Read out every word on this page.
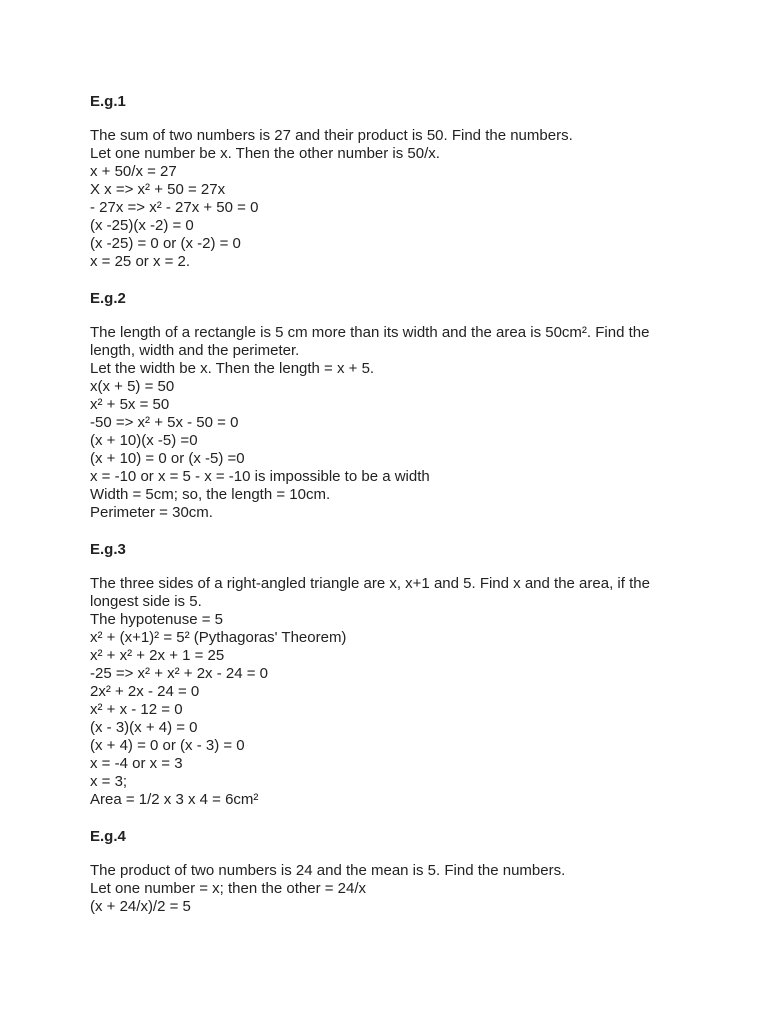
E.g.1
The sum of two numbers is 27 and their product is 50. Find the numbers.
Let one number be x. Then the other number is 50/x.
x + 50/x = 27
X x => x² + 50 = 27x
- 27x => x² - 27x + 50 = 0
(x -25)(x -2) = 0
(x -25) = 0 or (x -2) = 0
x = 25 or x = 2.
E.g.2
The length of a rectangle is 5 cm more than its width and the area is 50cm². Find the
length, width and the perimeter.
Let the width be x. Then the length = x + 5.
x(x + 5) = 50
x² + 5x = 50
-50 => x² + 5x - 50 = 0
(x + 10)(x -5) =0
(x + 10) = 0 or (x -5) =0
x = -10 or x = 5 - x = -10 is impossible to be a width
Width = 5cm; so, the length = 10cm.
Perimeter = 30cm.
E.g.3
The three sides of a right-angled triangle are x, x+1 and 5. Find x and the area, if the
longest side is 5.
The hypotenuse = 5
x² + (x+1)² = 5² (Pythagoras' Theorem)
x² + x² + 2x + 1 = 25
-25 => x² + x² + 2x - 24 = 0
2x² + 2x - 24 = 0
x² + x - 12 = 0
(x - 3)(x + 4) = 0
(x + 4) = 0 or (x - 3) = 0
x = -4 or x = 3
x = 3;
Area = 1/2 x 3 x 4 = 6cm²
E.g.4
The product of two numbers is 24 and the mean is 5. Find the numbers.
Let one number = x; then the other = 24/x
(x + 24/x)/2 = 5
